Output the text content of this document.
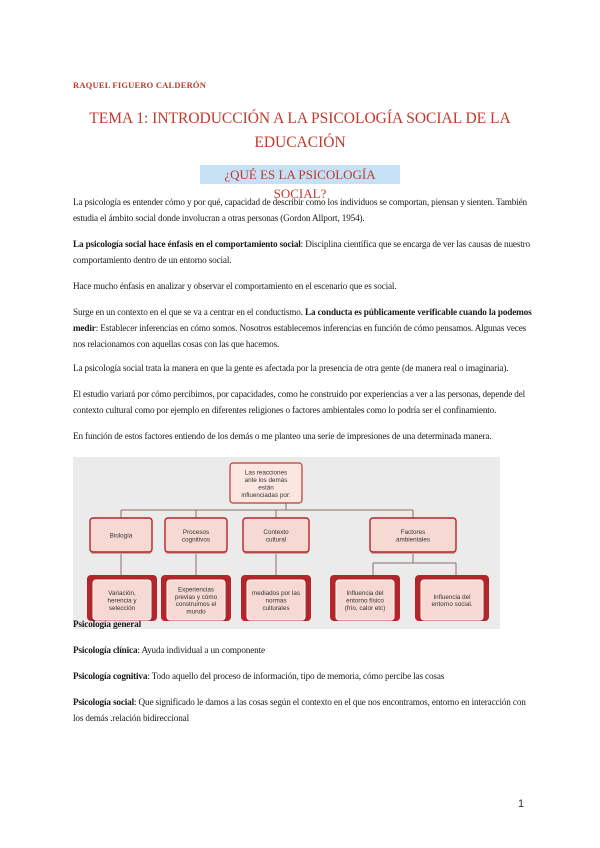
RAQUEL FIGUERO CALDERÓN
TEMA 1: INTRODUCCIÓN A LA PSICOLOGÍA SOCIAL DE LA
EDUCACIÓN
¿QUÉ ES LA PSICOLOGÍA SOCIAL?

La psicología es entender cómo y por qué, capacidad de describir como los individuos se comportan, piensan y sienten. También estudia el ámbito social donde involucran a otras personas (Gordon Allport, 1954).

La psicología social hace énfasis en el comportamiento social: Disciplina científica que se encarga de ver las causas de nuestro comportamiento dentro de un entorno social.

Hace mucho énfasis en analizar y observar el comportamiento en el escenario que es social.

Surge en un contexto en el que se va a centrar en el conductismo. La conducta es públicamente verificable cuando la podemos medir: Establecer inferencias en cómo somos. Nosotros establecemos inferencias en función de cómo pensamos. Algunas veces nos relacionamos con aquellas cosas con las que hacemos.

La psicología social trata la manera en que la gente es afectada por la presencia de otra gente (de manera real o imaginaria).

El estudio variará por cómo percibimos, por capacidades, como he construido por experiencias a ver a las personas, depende del contexto cultural como por ejemplo en diferentes religiones o factores ambientales como lo podría ser el confinamiento.

En función de estos factores entiendo de los demás o me planteo una serie de impresiones de una determinada manera.

Las reacciones
ante los demás
están
influenciadas por:
Biología
Procesos
cognitivos
Contexto
cultural
Factores
ambientales
Variación,
herencia y
selección
Experiencias
previas y cómo
construimos el
mundo
mediados por las
normas
culturales
Influencia del
entorno físico
(frío, calor etc)
Influencia del
entorno social.

Psicología general

Psicología clínica: Ayuda individual a un componente

Psicología cognitiva: Todo aquello del proceso de información, tipo de memoria, cómo percibe las cosas

Psicología social: Que significado le damos a las cosas según el contexto en el que nos encontramos, entorno en interacción con los demás .relación bidireccional

1
